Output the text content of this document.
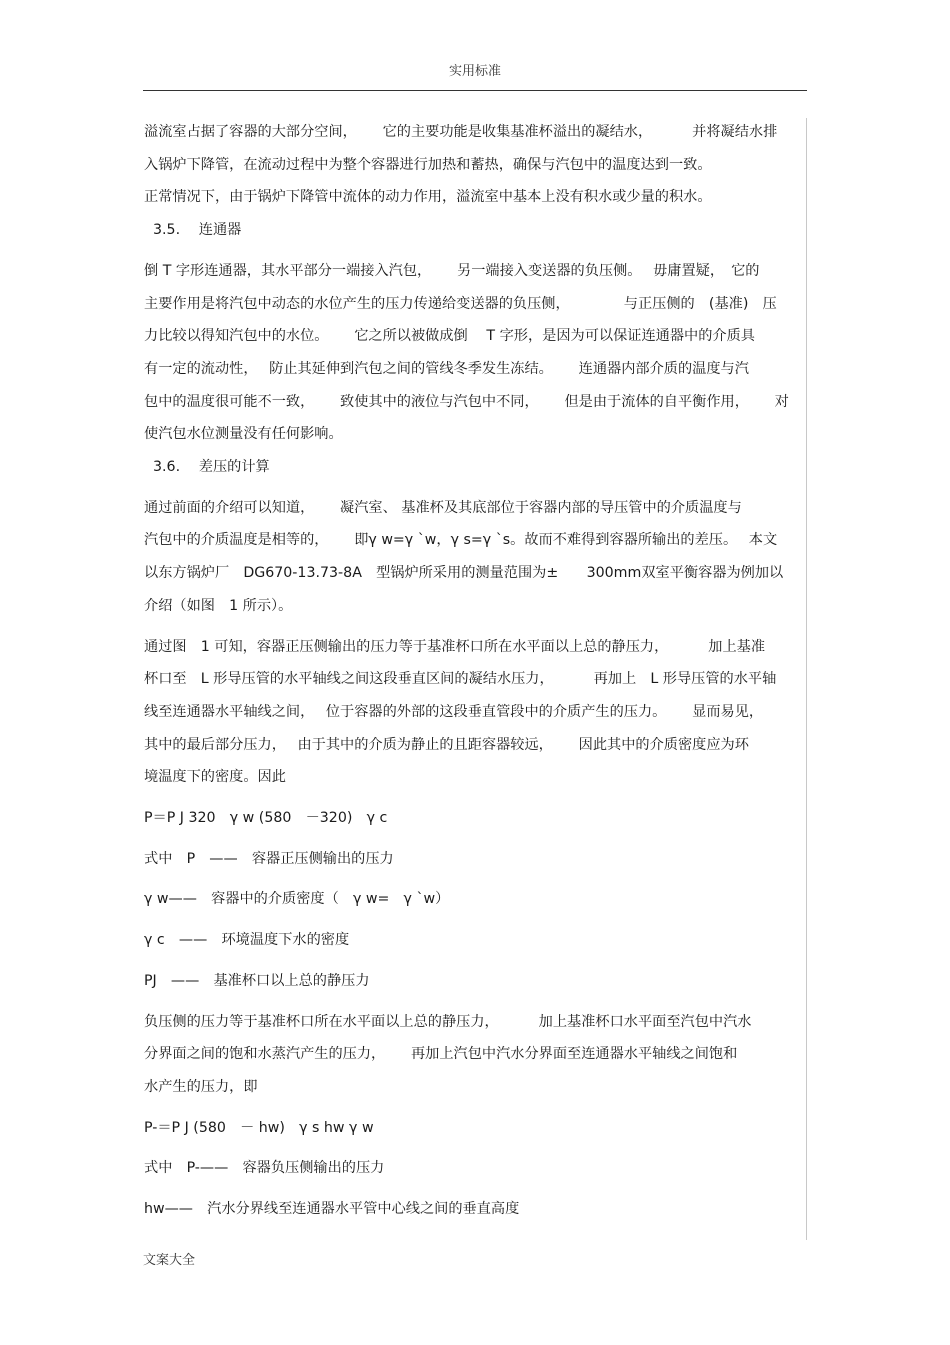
实用标准

溢流室占据了容器的大部分空间，　　 它的主要功能是收集基准杯溢出的凝结水，　　　 并将凝结水排

入锅炉下降管，在流动过程中为整个容器进行加热和蓄热，确保与汽包中的温度达到一致。

正常情况下，由于锅炉下降管中流体的动力作用，溢流室中基本上没有积水或少量的积水。

3.5.　 连通器

倒 T 字形连通器，其水平部分一端接入汽包，　　 另一端接入变送器的负压侧。　 毋庸置疑，　它的

主要作用是将汽包中动态的水位产生的压力传递给变送器的负压侧，　　　　 与正压侧的　(基准)　压

力比较以得知汽包中的水位。　　 它之所以被做成倒　 T 字形，是因为可以保证连通器中的介质具

有一定的流动性，　 防止其延伸到汽包之间的管线冬季发生冻结。　　 连通器内部介质的温度与汽

包中的温度很可能不一致，　　 致使其中的液位与汽包中不同，　　 但是由于流体的自平衡作用，　　 对

使汽包水位测量没有任何影响。

3.6.　 差压的计算

通过前面的介绍可以知道，　　 凝汽室、 基准杯及其底部位于容器内部的导压管中的介质温度与

汽包中的介质温度是相等的，　　 即γ w=γ `w，γ s=γ `s。故而不难得到容器所输出的差压。　 本文

以东方锅炉厂　DG670-13.73-8A　型锅炉所采用的测量范围为±　　300mm双室平衡容器为例加以

介绍（如图　1 所示）。

通过图　1 可知，容器正压侧输出的压力等于基准杯口所在水平面以上总的静压力，　　　 加上基准

杯口至　L 形导压管的水平轴线之间这段垂直区间的凝结水压力，　　　 再加上　L 形导压管的水平轴

线至连通器水平轴线之间，　 位于容器的外部的这段垂直管段中的介质产生的压力。　　 显而易见，

其中的最后部分压力，　 由于其中的介质为静止的且距容器较远，　　 因此其中的介质密度应为环

境温度下的密度。因此

P＝P J 320　γ w (580　－320)　γ c

式中　P　——　容器正压侧输出的压力

γ w——　容器中的介质密度（　γ w=　γ `w）

γ c　——　环境温度下水的密度

PJ　——　基准杯口以上总的静压力

负压侧的压力等于基准杯口所在水平面以上总的静压力，　　　 加上基准杯口水平面至汽包中汽水

分界面之间的饱和水蒸汽产生的压力，　　 再加上汽包中汽水分界面至连通器水平轴线之间饱和

水产生的压力，即

P-＝P J (580　－ hw)　γ s hw γ w

式中　P-——　容器负压侧输出的压力

hw——　汽水分界线至连通器水平管中心线之间的垂直高度

文案大全
